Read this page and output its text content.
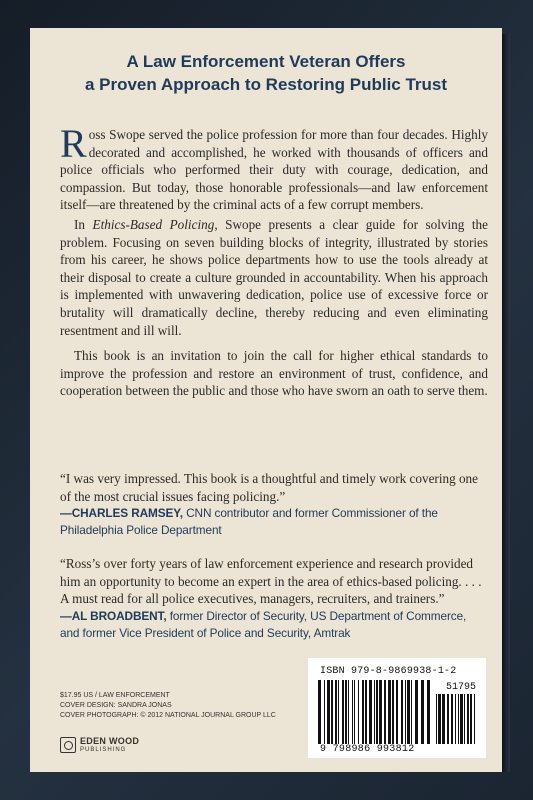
A Law Enforcement Veteran Offers
a Proven Approach to Restoring Public Trust

Ross Swope served the police profession for more than four decades. Highly decorated and accomplished, he worked with thousands of officers and police officials who performed their duty with courage, dedication, and compassion. But today, those honorable professionals—and law enforcement itself—are threatened by the criminal acts of a few corrupt members.

In Ethics-Based Policing, Swope presents a clear guide for solving the problem. Focusing on seven building blocks of integrity, illustrated by stories from his career, he shows police departments how to use the tools already at their disposal to create a culture grounded in accountability. When his approach is implemented with unwavering dedication, police use of excessive force or brutality will dramatically decline, thereby reducing and even eliminating resentment and ill will.

This book is an invitation to join the call for higher ethical standards to improve the profession and restore an environment of trust, confidence, and cooperation between the public and those who have sworn an oath to serve them.

“I was very impressed. This book is a thoughtful and timely work covering one of the most crucial issues facing policing.”

—CHARLES RAMSEY, CNN contributor and former Commissioner of the Philadelphia Police Department

“Ross’s over forty years of law enforcement experience and research provided him an opportunity to become an expert in the area of ethics-based policing. . . . A must read for all police executives, managers, recruiters, and trainers.”

—AL BROADBENT, former Director of Security, US Department of Commerce, and former Vice President of Police and Security, Amtrak
$17.95 US / LAW ENFORCEMENT
COVER DESIGN: SANDRA JONAS
COVER PHOTOGRAPH: © 2012 NATIONAL JOURNAL GROUP LLC
EDEN WOOD
PUBLISHING
ISBN 979-8-9869938-1-2
51795
9 798986 993812
